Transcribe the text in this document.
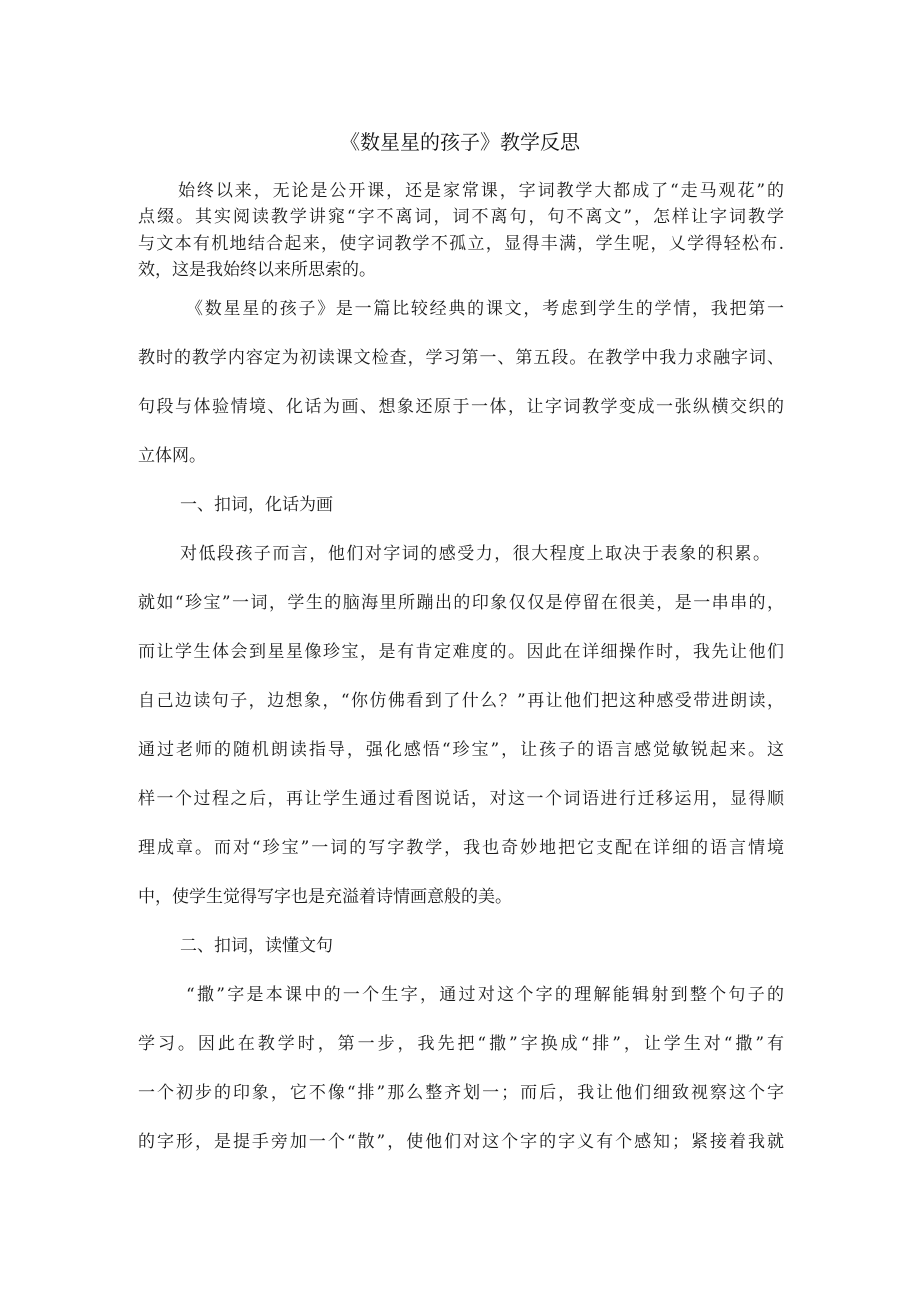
《数星星的孩子》教学反思
始终以来，无论是公开课，还是家常课，字词教学大都成了“走马观花”的
点缀。其实阅读教学讲窕“字不离词，词不离句，句不离文”，怎样让字词教学
与文本有机地结合起来，使字词教学不孤立，显得丰满，学生呢，乂学得轻松布.
效，这是我始终以来所思索的。
《数星星的孩子》是一篇比较经典的课文，考虑到学生的学情，我把第一
教时的教学内容定为初读课文检查，学习第一、第五段。在教学中我力求融字词、
句段与体验情境、化话为画、想象还原于一体，让字词教学变成一张纵横交织的
立体网。
一、扣词，化话为画
对低段孩子而言，他们对字词的感受力，很大程度上取决于表象的积累。
就如“珍宝”一词，学生的脑海里所蹦出的印象仅仅是停留在很美，是一串串的，
而让学生体会到星星像珍宝，是有肯定难度的。因此在详细操作时，我先让他们
自己边读句子，边想象，“你仿佛看到了什么？”再让他们把这种感受带进朗读，
通过老师的随机朗读指导，强化感悟“珍宝”，让孩子的语言感觉敏锐起来。这
样一个过程之后，再让学生通过看图说话，对这一个词语进行迁移运用，显得顺
理成章。而对“珍宝”一词的写字教学，我也奇妙地把它支配在详细的语言情境
中，使学生觉得写字也是充溢着诗情画意般的美。
二、扣词，读懂文句
“撒”字是本课中的一个生字，通过对这个字的理解能辑射到整个句子的
学习。因此在教学时，第一步，我先把“撒”字换成“排”，让学生对“撒”有
一个初步的印象，它不像“排”那么整齐划一；而后，我让他们细致视察这个字
的字形，是提手旁加一个“散”，使他们对这个字的字义有个感知；紧接着我就
